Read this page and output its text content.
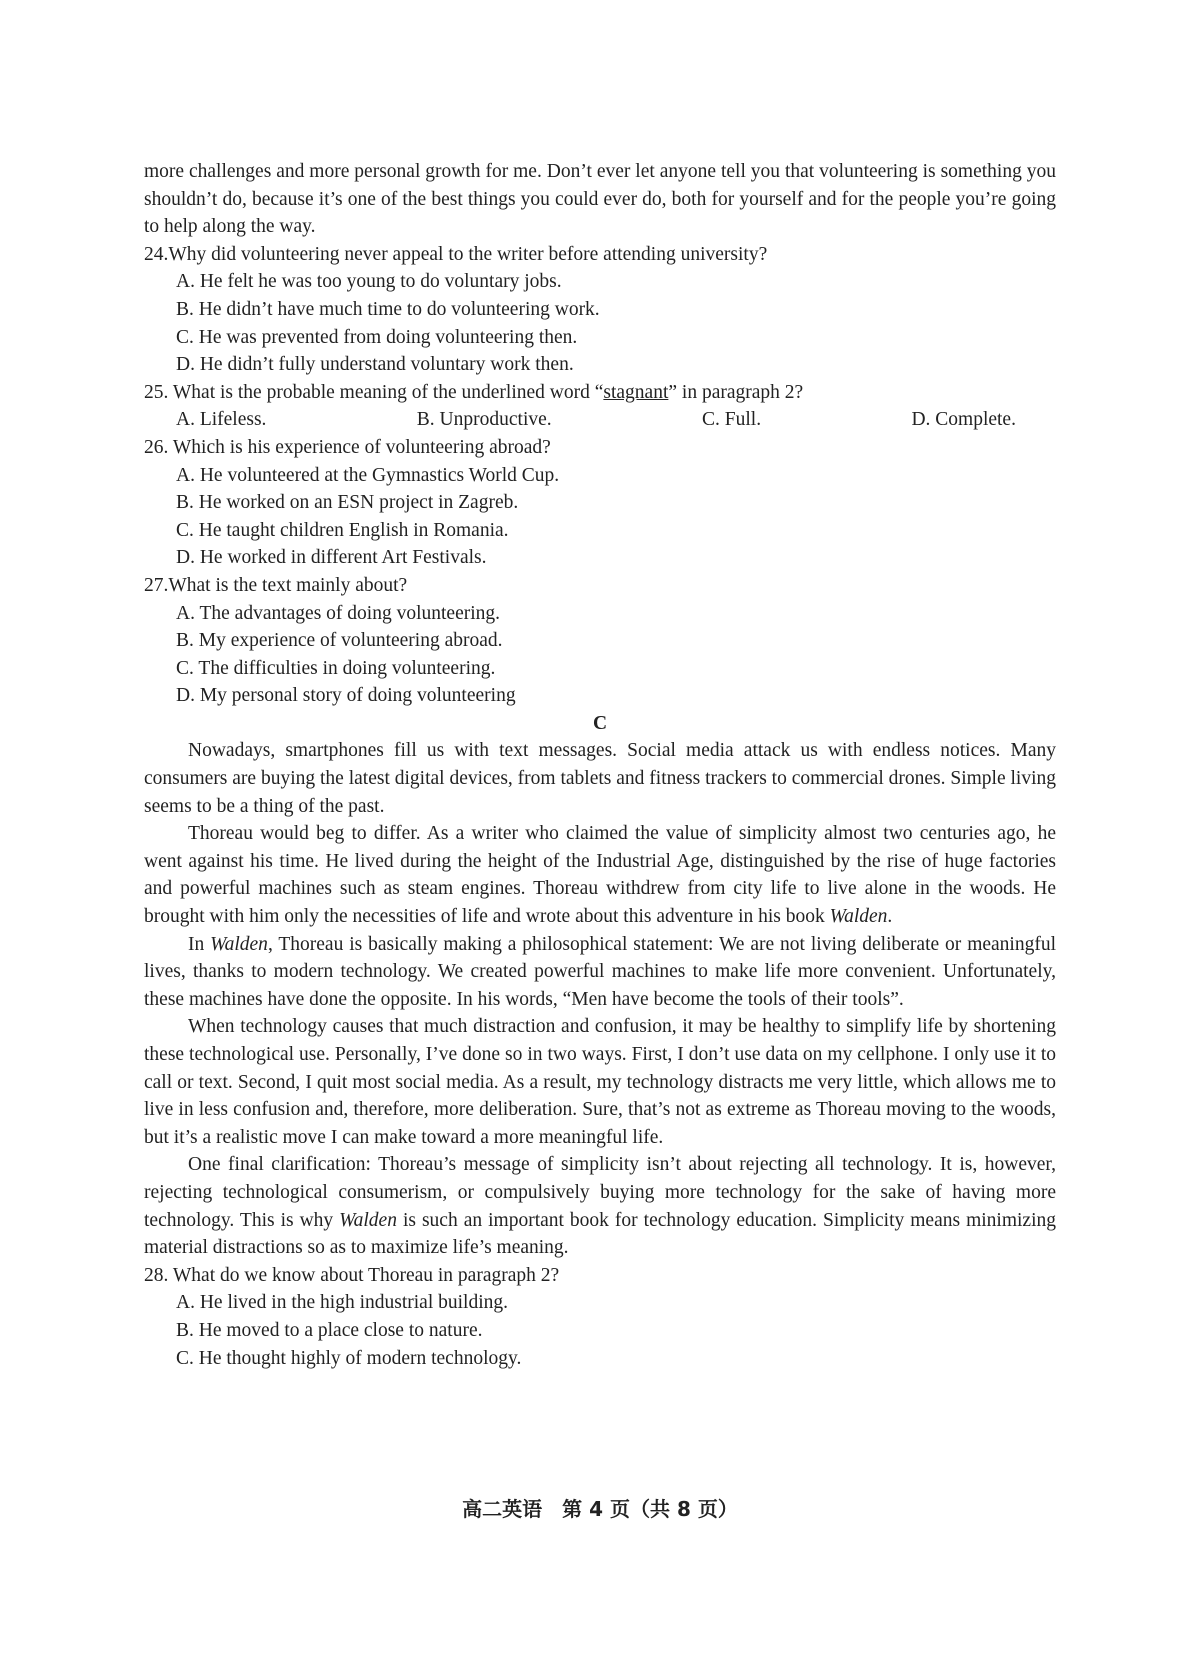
more challenges and more personal growth for me. Don’t ever let anyone tell you that volunteering is something you shouldn’t do, because it’s one of the best things you could ever do, both for yourself and for the people you’re going to help along the way.

24.Why did volunteering never appeal to the writer before attending university?

A. He felt he was too young to do voluntary jobs.

B. He didn’t have much time to do volunteering work.

C. He was prevented from doing volunteering then.

D. He didn’t fully understand voluntary work then.

25. What is the probable meaning of the underlined word “stagnant” in paragraph 2?

A. Lifeless.	B. Unproductive.	C. Full.	D. Complete.

26. Which is his experience of volunteering abroad?

A. He volunteered at the Gymnastics World Cup.

B. He worked on an ESN project in Zagreb.

C. He taught children English in Romania.

D. He worked in different Art Festivals.

27.What is the text mainly about?

A. The advantages of doing volunteering.

B. My experience of volunteering abroad.

C. The difficulties in doing volunteering.

D. My personal story of doing volunteering

C

Nowadays, smartphones fill us with text messages. Social media attack us with endless notices. Many consumers are buying the latest digital devices, from tablets and fitness trackers to commercial drones. Simple living seems to be a thing of the past.

Thoreau would beg to differ. As a writer who claimed the value of simplicity almost two centuries ago, he went against his time. He lived during the height of the Industrial Age, distinguished by the rise of huge factories and powerful machines such as steam engines. Thoreau withdrew from city life to live alone in the woods. He brought with him only the necessities of life and wrote about this adventure in his book Walden.

In Walden, Thoreau is basically making a philosophical statement: We are not living deliberate or meaningful lives, thanks to modern technology. We created powerful machines to make life more convenient. Unfortunately, these machines have done the opposite. In his words, “Men have become the tools of their tools”.

When technology causes that much distraction and confusion, it may be healthy to simplify life by shortening these technological use. Personally, I’ve done so in two ways. First, I don’t use data on my cellphone. I only use it to call or text. Second, I quit most social media. As a result, my technology distracts me very little, which allows me to live in less confusion and, therefore, more deliberation. Sure, that’s not as extreme as Thoreau moving to the woods, but it’s a realistic move I can make toward a more meaningful life.

One final clarification: Thoreau’s message of simplicity isn’t about rejecting all technology. It is, however, rejecting technological consumerism, or compulsively buying more technology for the sake of having more technology. This is why Walden is such an important book for technology education. Simplicity means minimizing material distractions so as to maximize life’s meaning.

28. What do we know about Thoreau in paragraph 2?

A. He lived in the high industrial building.

B. He moved to a place close to nature.

C. He thought highly of modern technology.

高二英语　第 4 页（共 8 页）
